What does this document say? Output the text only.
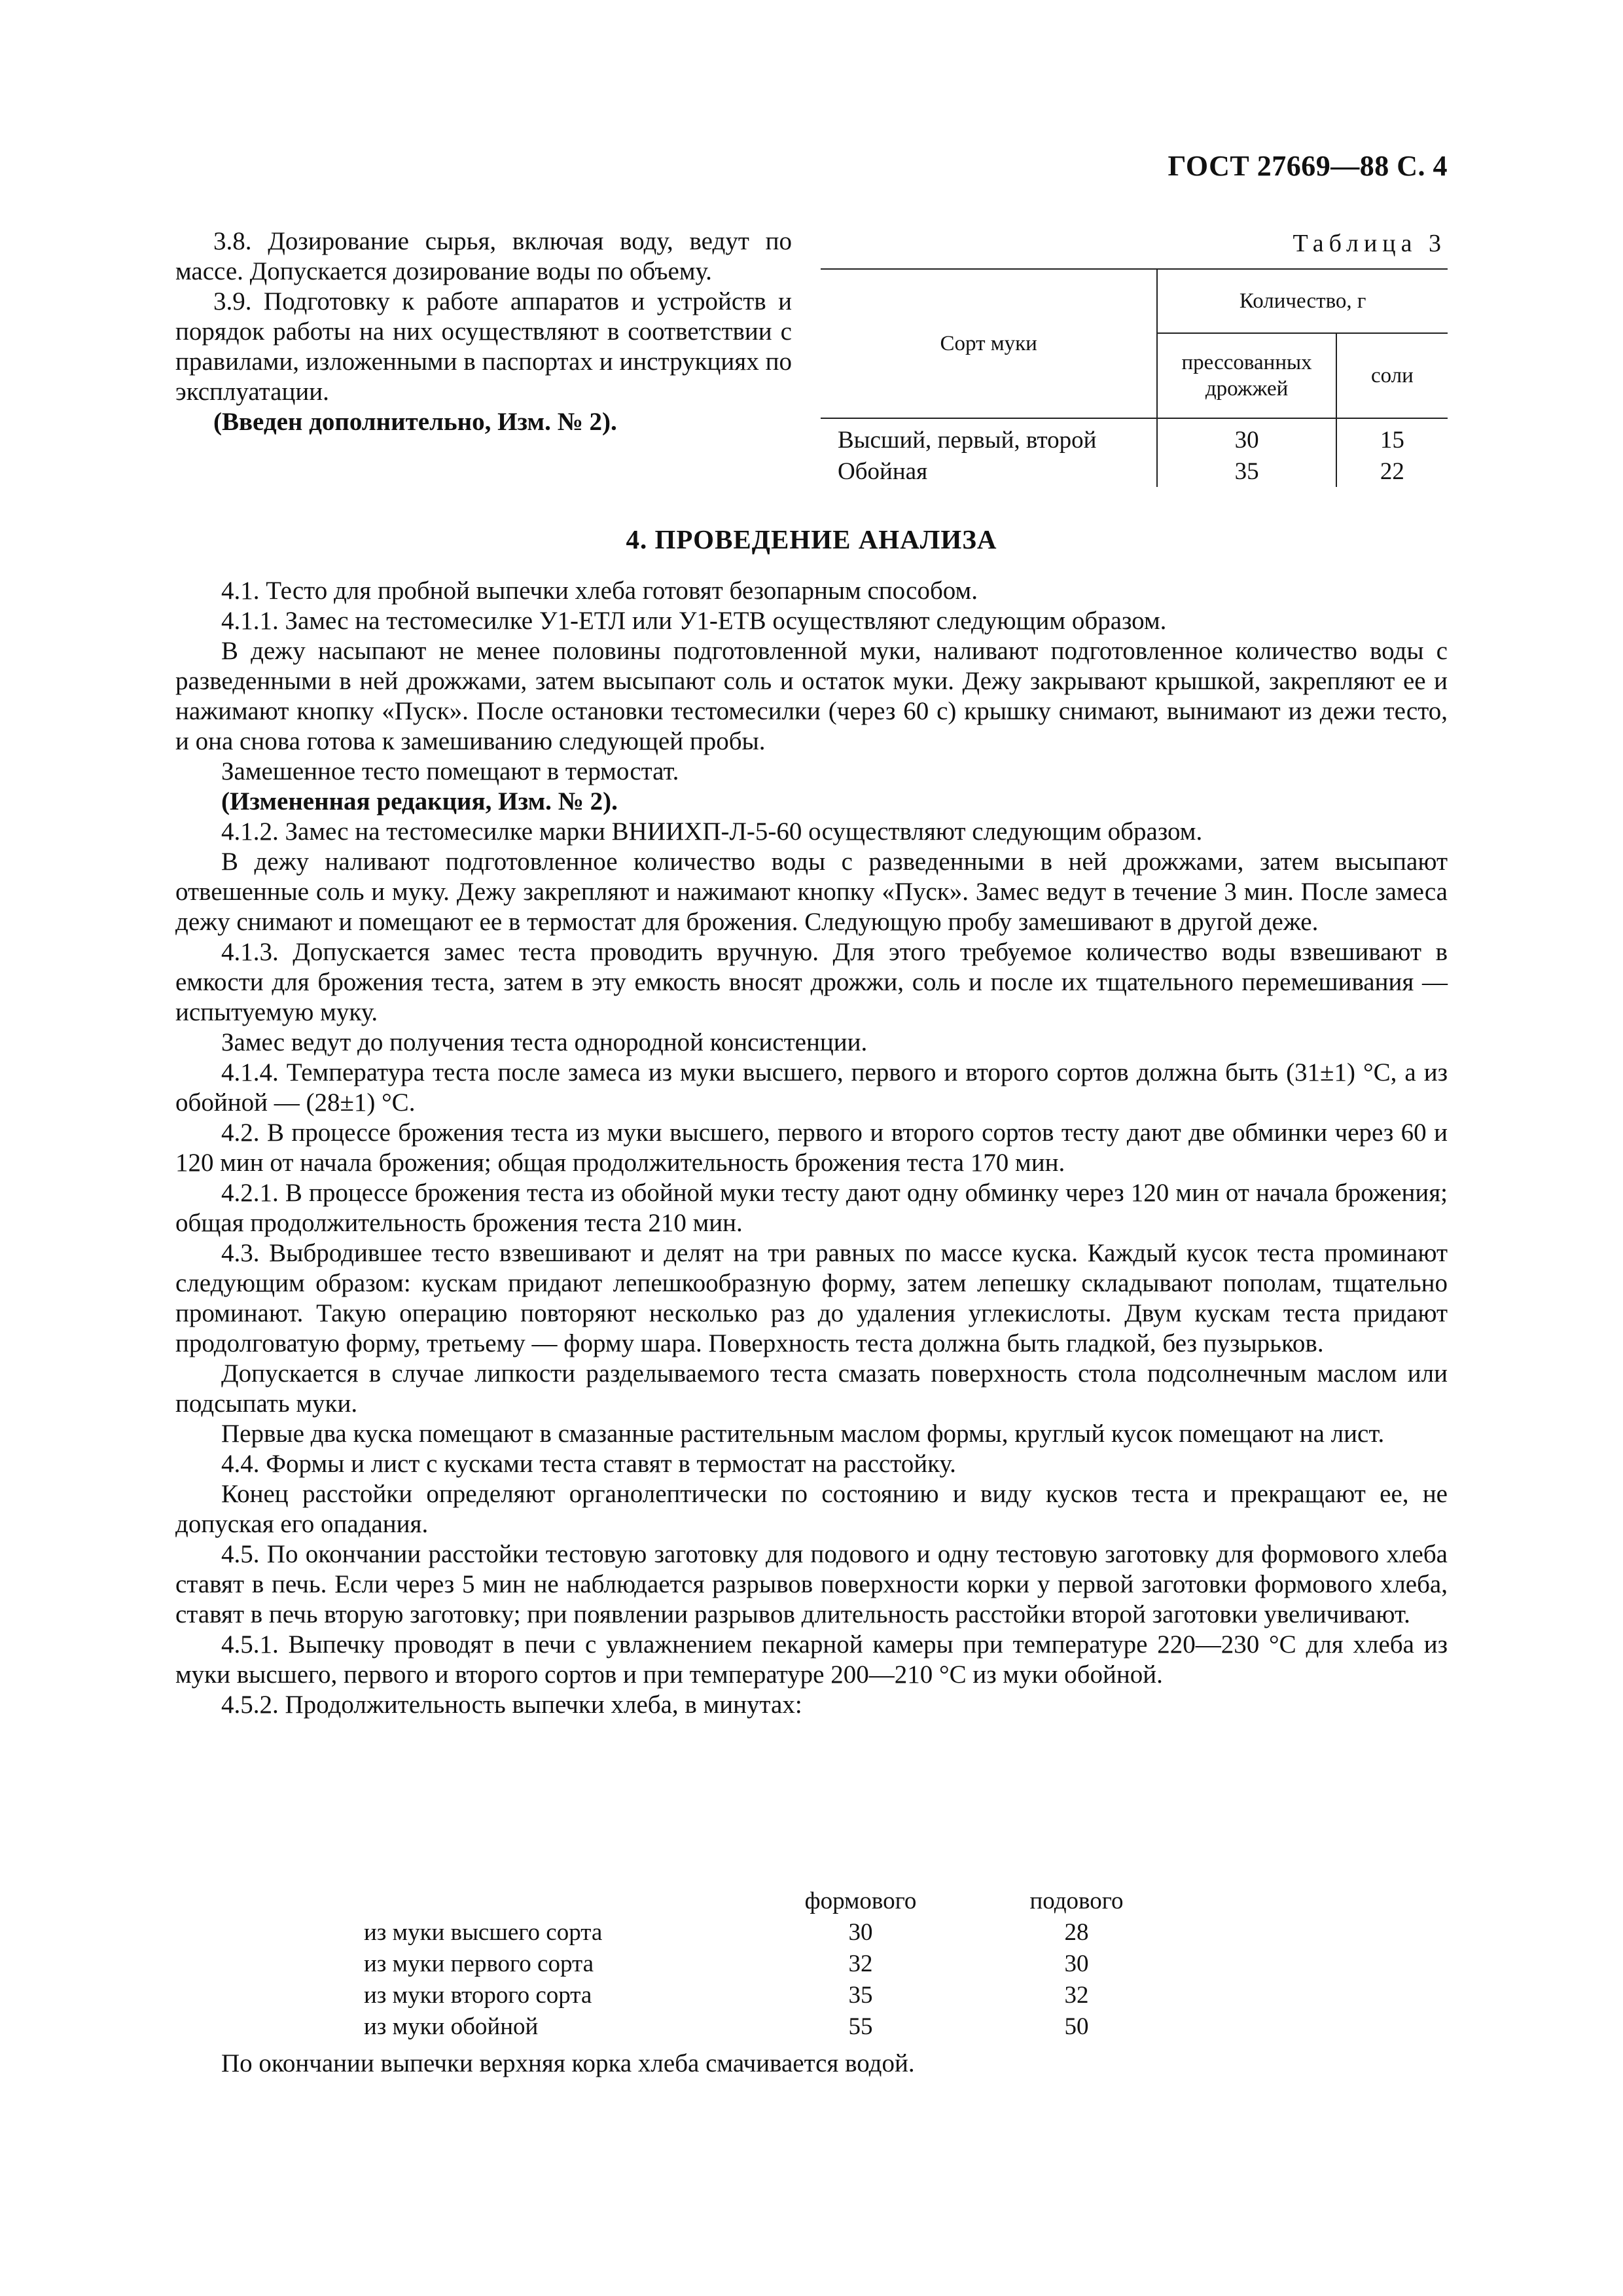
ГОСТ 27669—88 С. 4

3.8. Дозирование сырья, включая воду, ведут по массе. Допускается дозирование воды по объему.

3.9. Подготовку к работе аппаратов и устройств и порядок работы на них осуществляют в соответствии с правилами, изложенными в паспортах и инструкциях по эксплуатации.

(Введен дополнительно, Изм. № 2).

Таблица 3
Сорт муки	Количество, г	
	прессованных дрожжей	соли
Высший, первый, второй	30	15
Обойная	35	22
4. ПРОВЕДЕНИЕ АНАЛИЗА

4.1. Тесто для пробной выпечки хлеба готовят безопарным способом.

4.1.1. Замес на тестомесилке У1-ЕТЛ или У1-ЕТВ осуществляют следующим образом.

В дежу насыпают не менее половины подготовленной муки, наливают подготовленное количество воды с разведенными в ней дрожжами, затем высыпают соль и остаток муки. Дежу закрывают крышкой, закрепляют ее и нажимают кнопку «Пуск». После остановки тестомесилки (через 60 с) крышку снимают, вынимают из дежи тесто, и она снова готова к замешиванию следующей пробы.

Замешенное тесто помещают в термостат.

(Измененная редакция, Изм. № 2).

4.1.2. Замес на тестомесилке марки ВНИИХП-Л-5-60 осуществляют следующим образом.

В дежу наливают подготовленное количество воды с разведенными в ней дрожжами, затем высыпают отвешенные соль и муку. Дежу закрепляют и нажимают кнопку «Пуск». Замес ведут в течение 3 мин. После замеса дежу снимают и помещают ее в термостат для брожения. Следующую пробу замешивают в другой деже.

4.1.3. Допускается замес теста проводить вручную. Для этого требуемое количество воды взвешивают в емкости для брожения теста, затем в эту емкость вносят дрожжи, соль и после их тщательного перемешивания — испытуемую муку.

Замес ведут до получения теста однородной консистенции.

4.1.4. Температура теста после замеса из муки высшего, первого и второго сортов должна быть (31±1) °С, а из обойной — (28±1) °С.

4.2. В процессе брожения теста из муки высшего, первого и второго сортов тесту дают две обминки через 60 и 120 мин от начала брожения; общая продолжительность брожения теста 170 мин.

4.2.1. В процессе брожения теста из обойной муки тесту дают одну обминку через 120 мин от начала брожения; общая продолжительность брожения теста 210 мин.

4.3. Выбродившее тесто взвешивают и делят на три равных по массе куска. Каждый кусок теста проминают следующим образом: кускам придают лепешкообразную форму, затем лепешку складывают пополам, тщательно проминают. Такую операцию повторяют несколько раз до удаления углекислоты. Двум кускам теста придают продолговатую форму, третьему — форму шара. Поверхность теста должна быть гладкой, без пузырьков.

Допускается в случае липкости разделываемого теста смазать поверхность стола подсолнечным маслом или подсыпать муки.

Первые два куска помещают в смазанные растительным маслом формы, круглый кусок помещают на лист.

4.4. Формы и лист с кусками теста ставят в термостат на расстойку.

Конец расстойки определяют органолептически по состоянию и виду кусков теста и прекращают ее, не допуская его опадания.

4.5. По окончании расстойки тестовую заготовку для подового и одну тестовую заготовку для формового хлеба ставят в печь. Если через 5 мин не наблюдается разрывов поверхности корки у первой заготовки формового хлеба, ставят в печь вторую заготовку; при появлении разрывов длительность расстойки второй заготовки увеличивают.

4.5.1. Выпечку проводят в печи с увлажнением пекарной камеры при температуре 220—230 °С для хлеба из муки высшего, первого и второго сортов и при температуре 200—210 °С из муки обойной.

4.5.2. Продолжительность выпечки хлеба, в минутах:

	формового	подового
из муки высшего сорта	30	28
из муки первого сорта	32	30
из муки второго сорта	35	32
из муки обойной	55	50
По окончании выпечки верхняя корка хлеба смачивается водой.
